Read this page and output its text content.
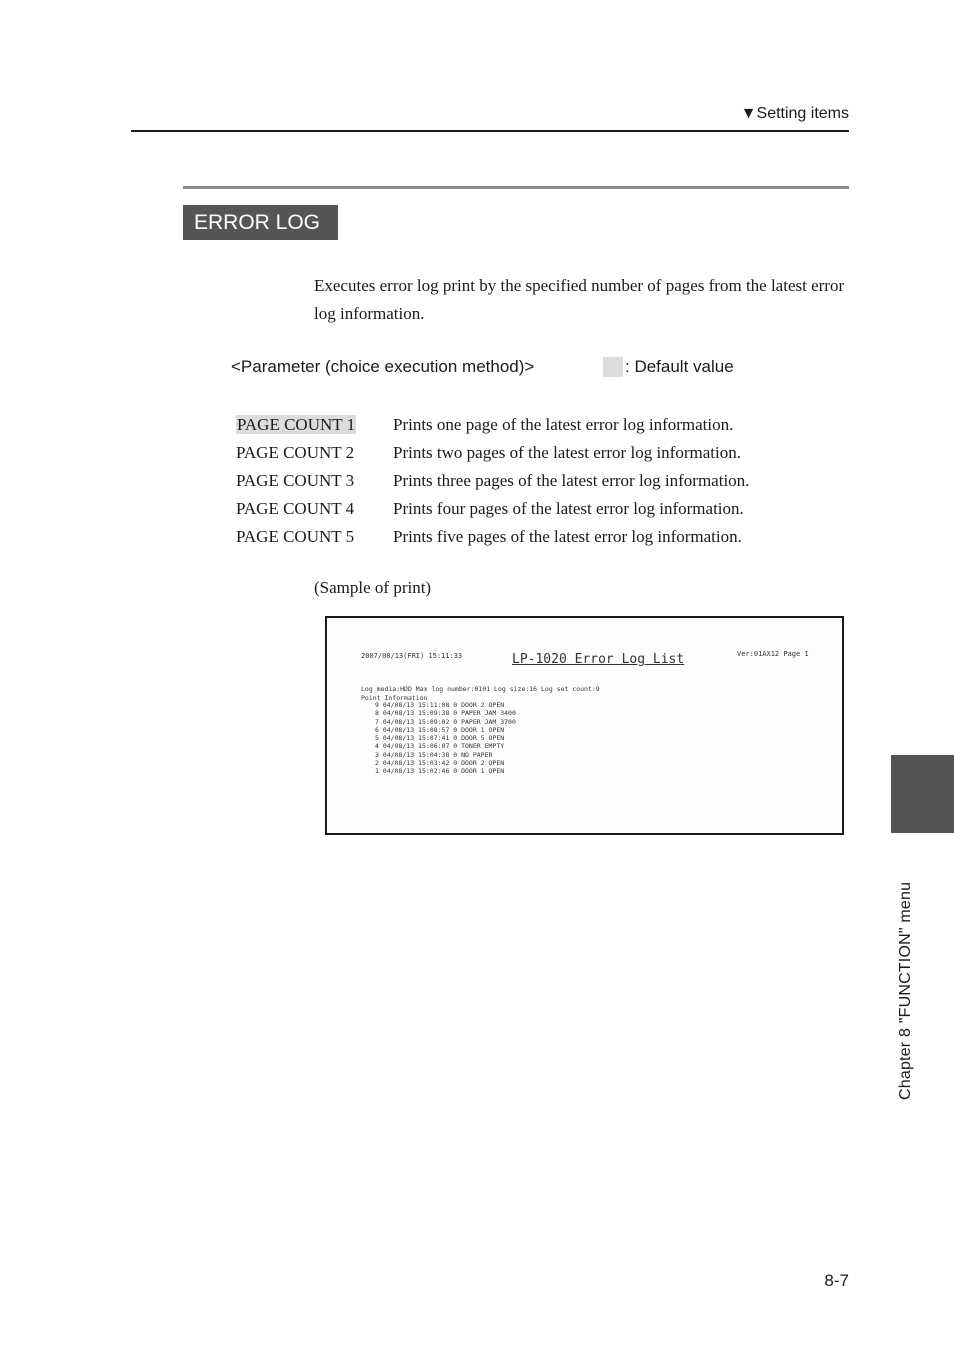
▼Setting items
ERROR LOG
Executes error log print by the specified number of pages from the latest error log information.
<Parameter (choice execution method)>	: Default value
PAGE COUNT 1	Prints one page of the latest error log information.
PAGE COUNT 2	Prints two pages of the latest error log information.
PAGE COUNT 3	Prints three pages of the latest error log information.
PAGE COUNT 4	Prints four pages of the latest error log information.
PAGE COUNT 5	Prints five pages of the latest error log information.
(Sample of print)
2007/08/13(FRI) 15:11:33	LP-1020 Error Log List	Ver:01AX12 Page 1
Log media:HDD Max log number:0101 Log size:16 Log set count:9
Point Information
9 04/08/13 15:11:08 0 DOOR 2 OPEN
8 04/08/13 15:09:38 0 PAPER JAM 3400
7 04/08/13 15:09:02 0 PAPER JAM 3700
6 04/08/13 15:08:57 0 DOOR 1 OPEN
5 04/08/13 15:07:41 0 DOOR 5 OPEN
4 04/08/13 15:06:07 0 TONER EMPTY
3 04/08/13 15:04:38 0 NO PAPER
2 04/08/13 15:03:42 0 DOOR 2 OPEN
1 04/08/13 15:02:46 0 DOOR 1 OPEN
Chapter 8 "FUNCTION" menu
8-7
